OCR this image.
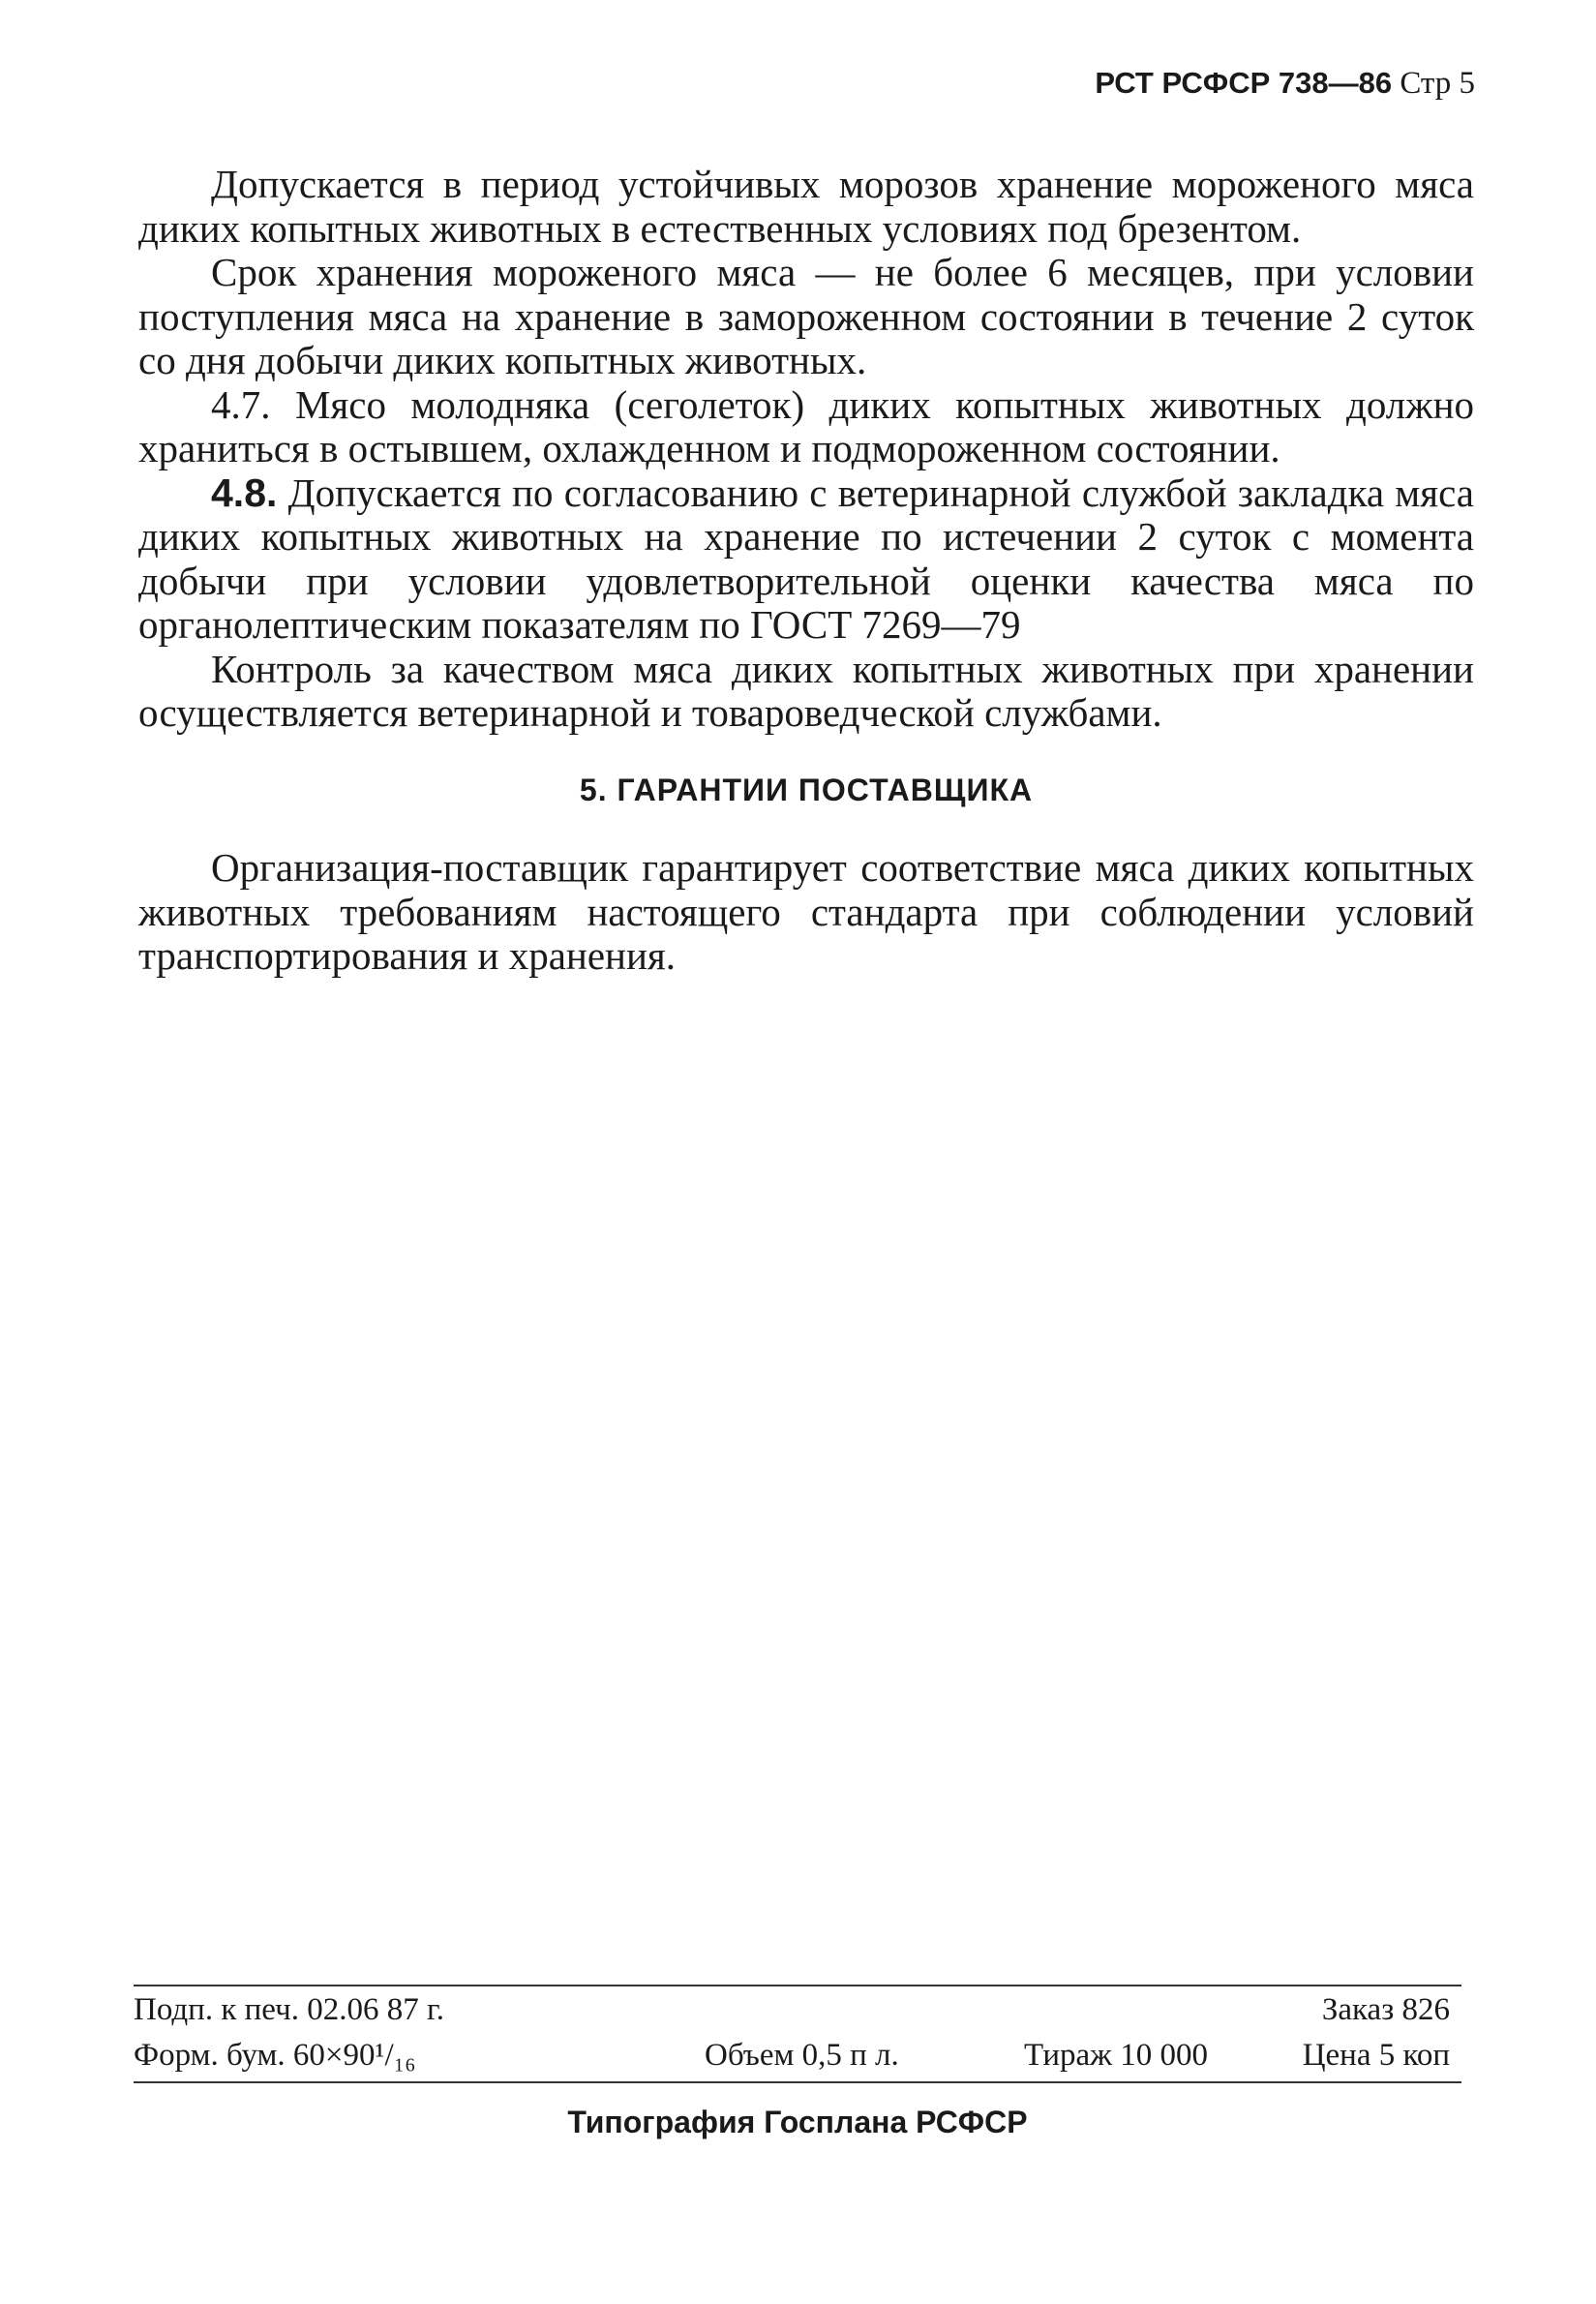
РСТ РСФСР 738—86 Стр 5

Допускается в период устойчивых морозов хранение мороженого мяса диких копытных животных в естественных условиях под брезентом.

Срок хранения мороженого мяса — не более 6 месяцев, при условии поступления мяса на хранение в замороженном состоянии в течение 2 суток со дня добычи диких копытных животных.

4.7. Мясо молодняка (сеголеток) диких копытных животных должно храниться в остывшем, охлажденном и подмороженном состоянии.

4.8. Допускается по согласованию с ветеринарной службой закладка мяса диких копытных животных на хранение по истечении 2 суток с момента добычи при условии удовлетворительной оценки качества мяса по органолептическим показателям по ГОСТ 7269—79

Контроль за качеством мяса диких копытных животных при хранении осуществляется ветеринарной и товароведческой службами.

5. ГАРАНТИИ ПОСТАВЩИКА

Организация-поставщик гарантирует соответствие мяса диких копытных животных требованиям настоящего стандарта при соблюдении условий транспортирования и хранения.

Подп. к печ. 02.06 87 г.	Заказ 826
Форм. бум. 60×90¹/₁₆	Объем 0,5 п л.	Тираж 10 000	Цена 5 коп
Типография Госплана РСФСР
